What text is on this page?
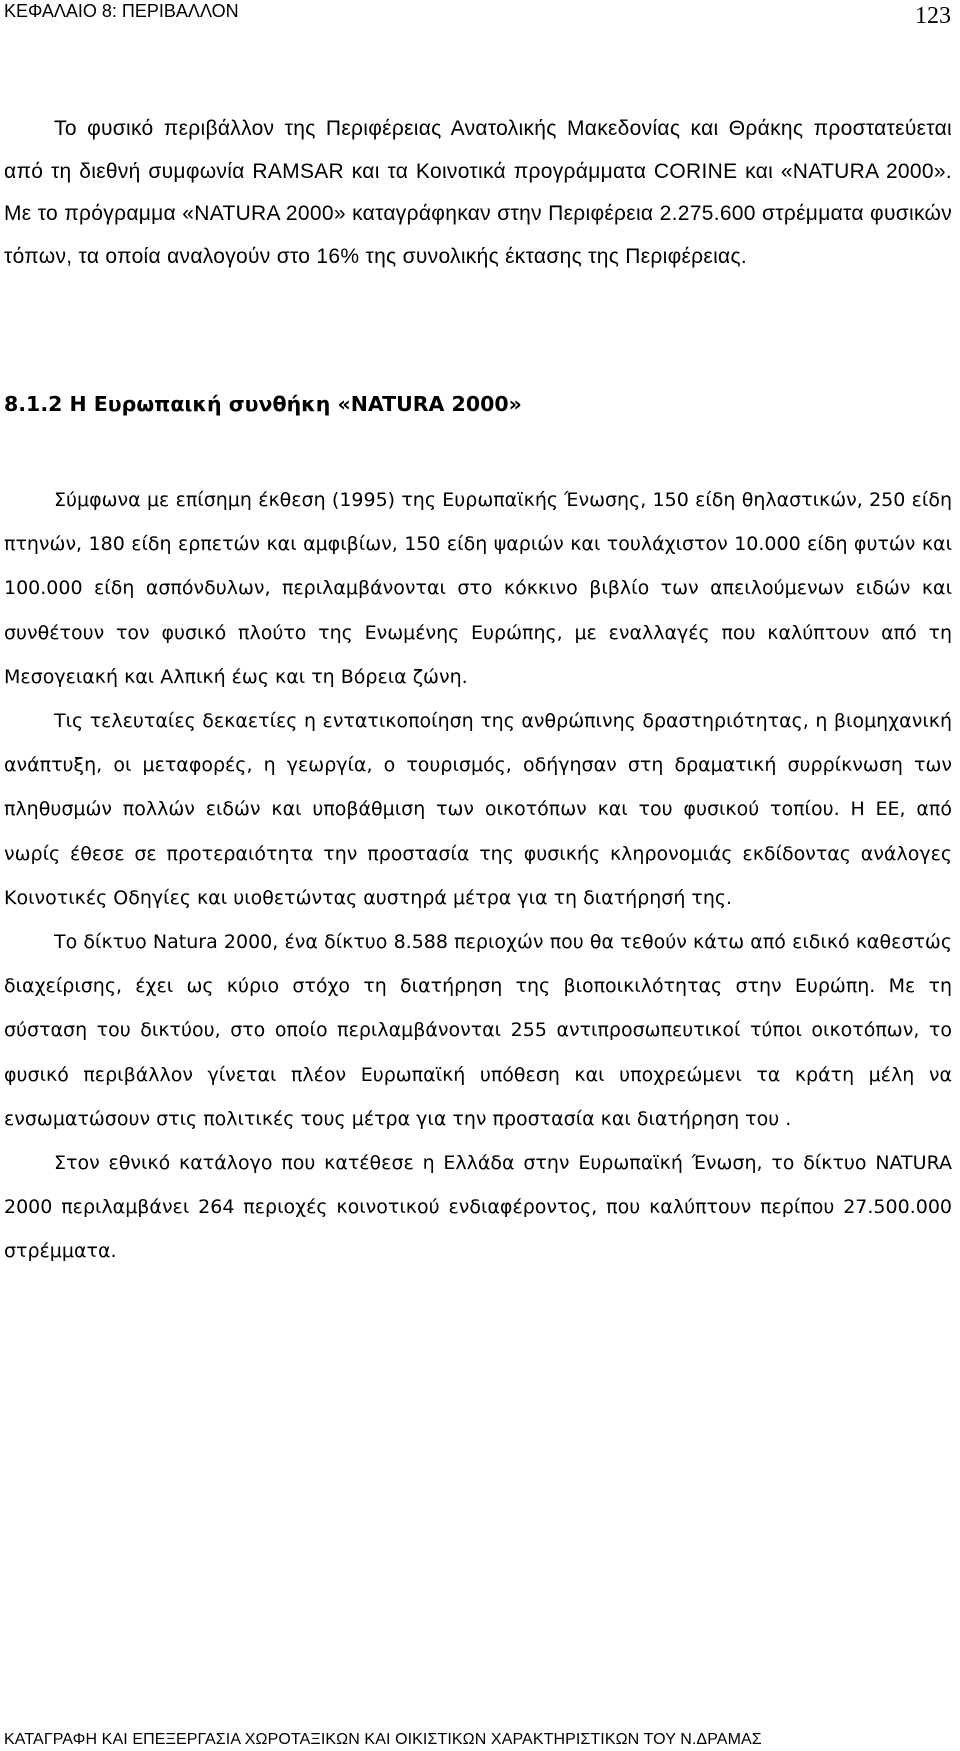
ΚΕΦΑΛΑΙΟ 8: ΠΕΡΙΒΑΛΛΟΝ	123

Το φυσικό περιβάλλον της Περιφέρειας Ανατολικής Μακεδονίας και Θράκης προστατεύεται από τη διεθνή συμφωνία RAMSAR και τα Κοινοτικά προγράμματα CORINE και «NATURA 2000». Με το πρόγραμμα «NATURA 2000» καταγράφηκαν στην Περιφέρεια 2.275.600 στρέμματα φυσικών τόπων, τα οποία αναλογούν στο 16% της συνολικής έκτασης της Περιφέρειας.

8.1.2 Η Ευρωπαική συνθήκη «NATURA 2000»

Σύμφωνα με επίσημη έκθεση (1995) της Ευρωπαϊκής Ένωσης, 150 είδη θηλαστικών, 250 είδη πτηνών, 180 είδη ερπετών και αμφιβίων, 150 είδη ψαριών και τουλάχιστον 10.000 είδη φυτών και 100.000 είδη ασπόνδυλων, περιλαμβάνονται στο κόκκινο βιβλίο των απειλούμενων ειδών και συνθέτουν τον φυσικό πλούτο της Ενωμένης Ευρώπης, με εναλλαγές που καλύπτουν από τη Μεσογειακή και Αλπική έως και τη Βόρεια ζώνη.

Τις τελευταίες δεκαετίες η εντατικοποίηση της ανθρώπινης δραστηριότητας, η βιομηχανική ανάπτυξη, οι μεταφορές, η γεωργία, ο τουρισμός, οδήγησαν στη δραματική συρρίκνωση των πληθυσμών πολλών ειδών και υποβάθμιση των οικοτόπων και του φυσικού τοπίου. Η ΕΕ, από νωρίς έθεσε σε προτεραιότητα την προστασία της φυσικής κληρονομιάς εκδίδοντας ανάλογες Κοινοτικές Οδηγίες και υιοθετώντας αυστηρά μέτρα για τη διατήρησή της.

Το δίκτυο Natura 2000, ένα δίκτυο 8.588 περιοχών που θα τεθούν κάτω από ειδικό καθεστώς διαχείρισης, έχει ως κύριο στόχο τη διατήρηση της βιοποικιλότητας στην Ευρώπη. Με τη σύσταση του δικτύου, στο οποίο περιλαμβάνονται 255 αντιπροσωπευτικοί τύποι οικοτόπων, το φυσικό περιβάλλον γίνεται πλέον Ευρωπαϊκή υπόθεση και υποχρεώμενι τα κράτη μέλη να ενσωματώσουν στις πολιτικές τους μέτρα για την προστασία και διατήρηση του .

Στον εθνικό κατάλογο που κατέθεσε η Ελλάδα στην Ευρωπαϊκή Ένωση, το δίκτυο NATURA 2000 περιλαμβάνει 264 περιοχές κοινοτικού ενδιαφέροντος, που καλύπτουν περίπου 27.500.000 στρέμματα.

ΚΑΤΑΓΡΑΦΗ ΚΑΙ ΕΠΕΞΕΡΓΑΣΙΑ ΧΩΡΟΤΑΞΙΚΩΝ ΚΑΙ ΟΙΚΙΣΤΙΚΩΝ ΧΑΡΑΚΤΗΡΙΣΤΙΚΩΝ ΤΟΥ Ν.ΔΡΑΜΑΣ
